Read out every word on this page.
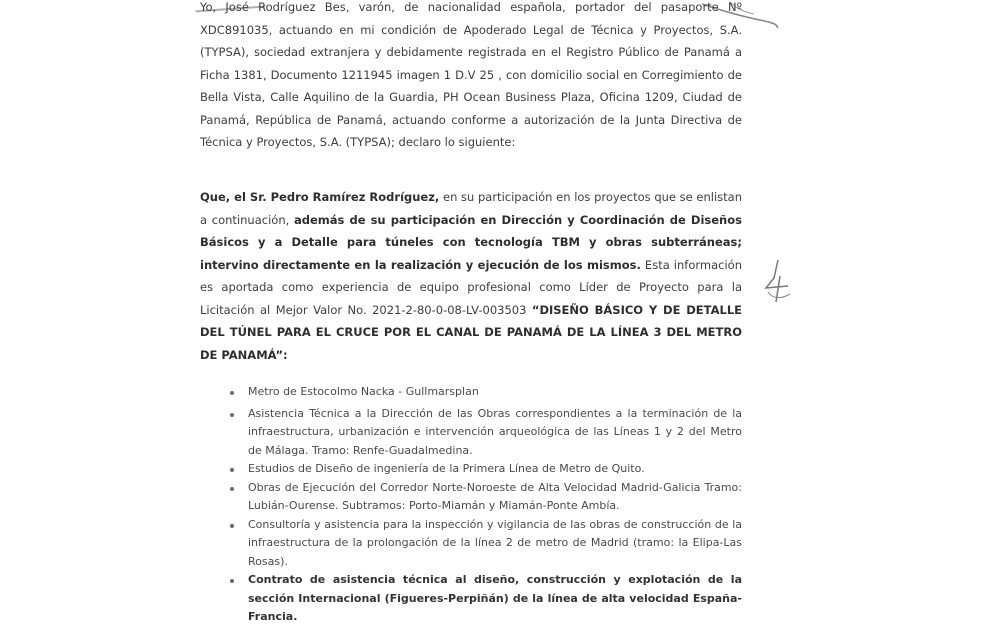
Yo, José Rodríguez Bes, varón, de nacionalidad española, portador del pasaporte Nº XDC891035, actuando en mi condición de Apoderado Legal de Técnica y Proyectos, S.A. (TYPSA), sociedad extranjera y debidamente registrada en el Registro Público de Panamá a Ficha 1381, Documento 1211945 imagen 1 D.V 25 , con domicilio social en Corregimiento de Bella Vista, Calle Aquilino de la Guardia, PH Ocean Business Plaza, Oficina 1209, Ciudad de Panamá, República de Panamá, actuando conforme a autorización de la Junta Directiva de Técnica y Proyectos, S.A. (TYPSA); declaro lo siguiente:
Que, el Sr. Pedro Ramírez Rodríguez, en su participación en los proyectos que se enlistan a continuación, además de su participación en Dirección y Coordinación de Diseños Básicos y a Detalle para túneles con tecnología TBM y obras subterráneas; intervino directamente en la realización y ejecución de los mismos. Esta información es aportada como experiencia de equipo profesional como Líder de Proyecto para la Licitación al Mejor Valor No. 2021-2-80-0-08-LV-003503 “DISEÑO BÁSICO Y DE DETALLE DEL TÚNEL PARA EL CRUCE POR EL CANAL DE PANAMÁ DE LA LÍNEA 3 DEL METRO DE PANAMÁ”:
Metro de Estocolmo Nacka - Gullmarsplan
Asistencia Técnica a la Dirección de las Obras correspondientes a la terminación de la infraestructura, urbanización e intervención arqueológica de las Líneas 1 y 2 del Metro de Málaga. Tramo: Renfe-Guadalmedina.
Estudios de Diseño de ingeniería de la Primera Línea de Metro de Quito.
Obras de Ejecución del Corredor Norte-Noroeste de Alta Velocidad Madrid-Galicia Tramo: Lubián-Ourense. Subtramos: Porto-Miamán y Miamán-Ponte Ambía.
Consultoría y asistencia para la inspección y vigilancia de las obras de construcción de la infraestructura de la prolongación de la línea 2 de metro de Madrid (tramo: la Elipa-Las Rosas).
Contrato de asistencia técnica al diseño, construcción y explotación de la sección Internacional (Figueres-Perpiñán) de la línea de alta velocidad España-Francia.
